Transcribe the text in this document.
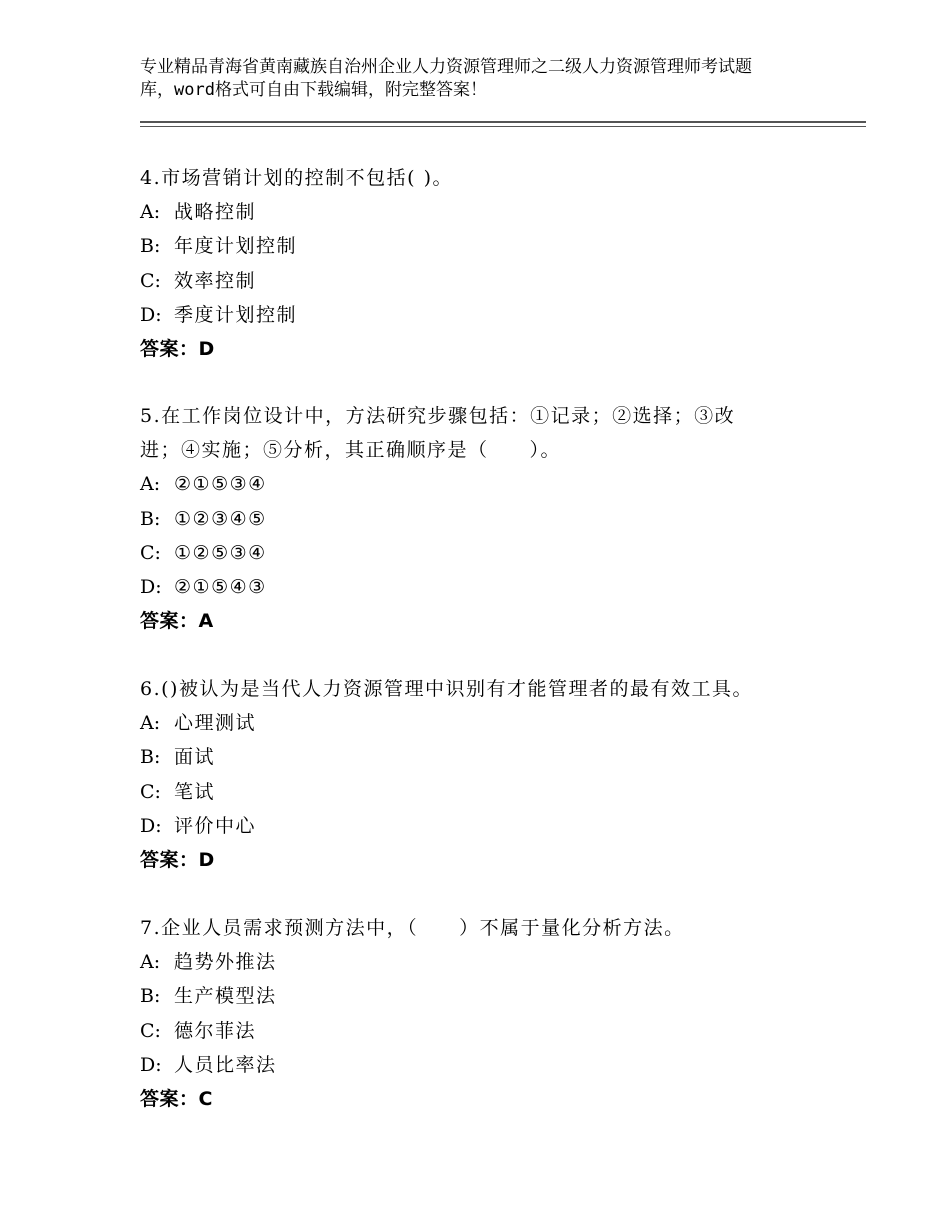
专业精品青海省黄南藏族自治州企业人力资源管理师之二级人力资源管理师考试题
库，word格式可自由下载编辑，附完整答案！
4.市场营销计划的控制不包括( )。
A: 战略控制
B: 年度计划控制
C: 效率控制
D: 季度计划控制
答案：D
5.在工作岗位设计中，方法研究步骤包括：①记录；②选择；③改
进；④实施；⑤分析，其正确顺序是（　　）。
A: ②①⑤③④
B: ①②③④⑤
C: ①②⑤③④
D: ②①⑤④③
答案：A
6.()被认为是当代人力资源管理中识别有才能管理者的最有效工具。
A: 心理测试
B: 面试
C: 笔试
D: 评价中心
答案：D
7.企业人员需求预测方法中，（　　）不属于量化分析方法。
A: 趋势外推法
B: 生产模型法
C: 德尔菲法
D: 人员比率法
答案：C
